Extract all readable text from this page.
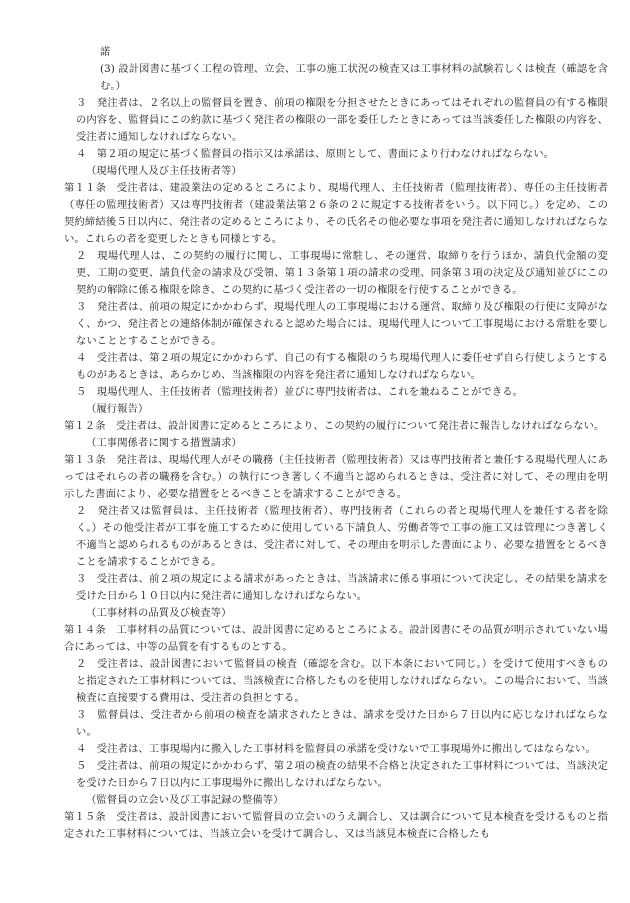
諾

(3) 設計図書に基づく工程の管理、立会、工事の施工状況の検査又は工事材料の試験若しくは検査（確認を含む。）

３　発注者は、２名以上の監督員を置き、前項の権限を分担させたときにあってはそれぞれの監督員の有する権限の内容を、監督員にこの約款に基づく発注者の権限の一部を委任したときにあっては当該委任した権限の内容を、受注者に通知しなければならない。

４　第２項の規定に基づく監督員の指示又は承諾は、原則として、書面により行わなければならない。

（現場代理人及び主任技術者等）

第１１条　受注者は、建設業法の定めるところにより、現場代理人、主任技術者（監理技術者）、専任の主任技術者（専任の監理技術者）又は専門技術者（建設業法第２６条の２に規定する技術者をいう。以下同じ。）を定め、この契約締結後５日以内に、発注者の定めるところにより、その氏名その他必要な事項を発注者に通知しなければならない。これらの者を変更したときも同様とする。

２　現場代理人は、この契約の履行に関し、工事現場に常駐し、その運営、取締りを行うほか、請負代金額の変更、工期の変更、請負代金の請求及び受領、第１３条第１項の請求の受理、同条第３項の決定及び通知並びにこの契約の解除に係る権限を除き、この契約に基づく受注者の一切の権限を行使することができる。

３　発注者は、前項の規定にかかわらず、現場代理人の工事現場における運営、取締り及び権限の行使に支障がなく、かつ、発注者との連絡体制が確保されると認めた場合には、現場代理人について工事現場における常駐を要しないこととすることができる。

４　受注者は、第２項の規定にかかわらず、自己の有する権限のうち現場代理人に委任せず自ら行使しようとするものがあるときは、あらかじめ、当該権限の内容を発注者に通知しなければならない。

５　現場代理人、主任技術者（監理技術者）並びに専門技術者は、これを兼ねることができる。

（履行報告）

第１２条　受注者は、設計図書に定めるところにより、この契約の履行について発注者に報告しなければならない。

（工事関係者に関する措置請求）

第１３条　発注者は、現場代理人がその職務（主任技術者（監理技術者）又は専門技術者と兼任する現場代理人にあってはそれらの者の職務を含む。）の執行につき著しく不適当と認められるときは、受注者に対して、その理由を明示した書面により、必要な措置をとるべきことを請求することができる。

２　発注者又は監督員は、主任技術者（監理技術者）、専門技術者（これらの者と現場代理人を兼任する者を除く。）その他受注者が工事を施工するために使用している下請負人、労働者等で工事の施工又は管理につき著しく不適当と認められるものがあるときは、受注者に対して、その理由を明示した書面により、必要な措置をとるべきことを請求することができる。

３　受注者は、前２項の規定による請求があったときは、当該請求に係る事項について決定し、その結果を請求を受けた日から１０日以内に発注者に通知しなければならない。

（工事材料の品質及び検査等）

第１４条　工事材料の品質については、設計図書に定めるところによる。設計図書にその品質が明示されていない場合にあっては、中等の品質を有するものとする。

２　受注者は、設計図書において監督員の検査（確認を含む。以下本条において同じ。）を受けて使用すべきものと指定された工事材料については、当該検査に合格したものを使用しなければならない。この場合において、当該検査に直接要する費用は、受注者の負担とする。

３　監督員は、受注者から前項の検査を請求されたときは、請求を受けた日から７日以内に応じなければならない。

４　受注者は、工事現場内に搬入した工事材料を監督員の承諾を受けないで工事現場外に搬出してはならない。

５　受注者は、前項の規定にかかわらず、第２項の検査の結果不合格と決定された工事材料については、当該決定を受けた日から７日以内に工事現場外に搬出しなければならない。

（監督員の立会い及び工事記録の整備等）

第１５条　受注者は、設計図書において監督員の立会いのうえ調合し、又は調合について見本検査を受けるものと指定された工事材料については、当該立会いを受けて調合し、又は当該見本検査に合格したも
